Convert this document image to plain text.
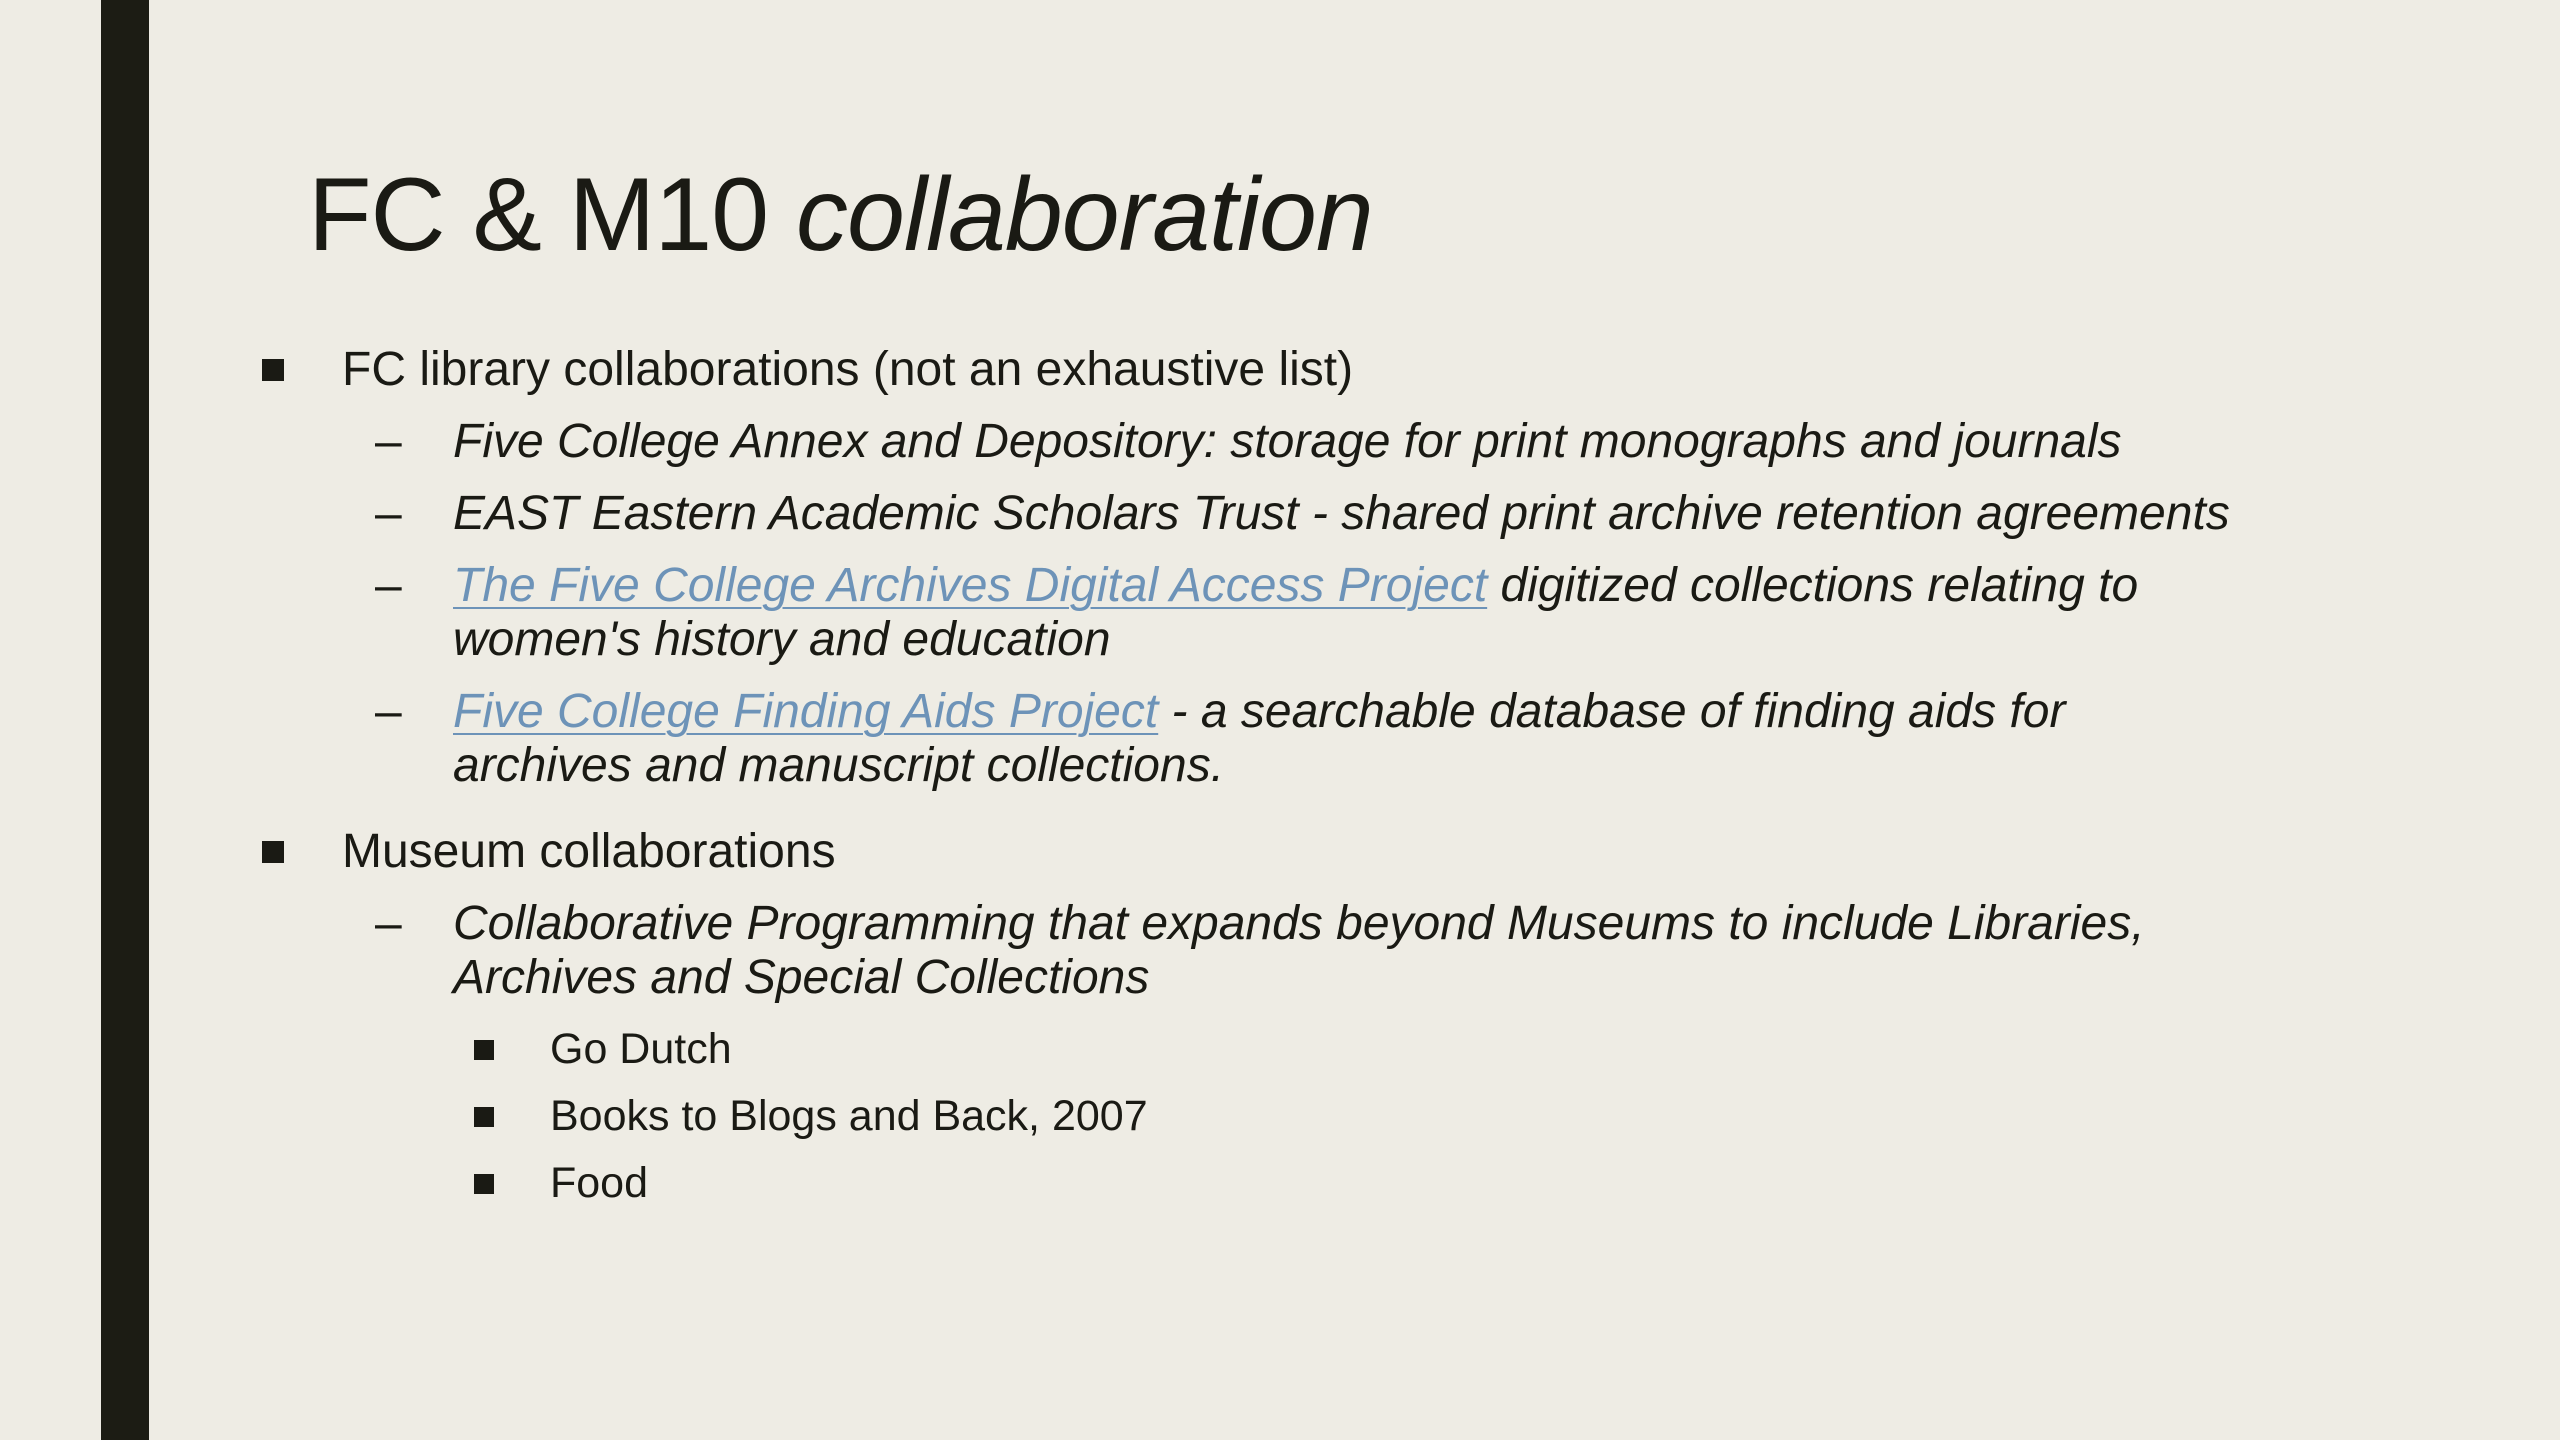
FC & M10 collaboration
FC library collaborations (not an exhaustive list)
– Five College Annex and Depository: storage for print monographs and journals
– EAST Eastern Academic Scholars Trust - shared print archive retention agreements
– The Five College Archives Digital Access Project digitized collections relating to
women's history and education
– Five College Finding Aids Project - a searchable database of finding aids for
archives and manuscript collections.
Museum collaborations
– Collaborative Programming that expands beyond Museums to include Libraries,
Archives and Special Collections
Go Dutch
Books to Blogs and Back, 2007
Food
